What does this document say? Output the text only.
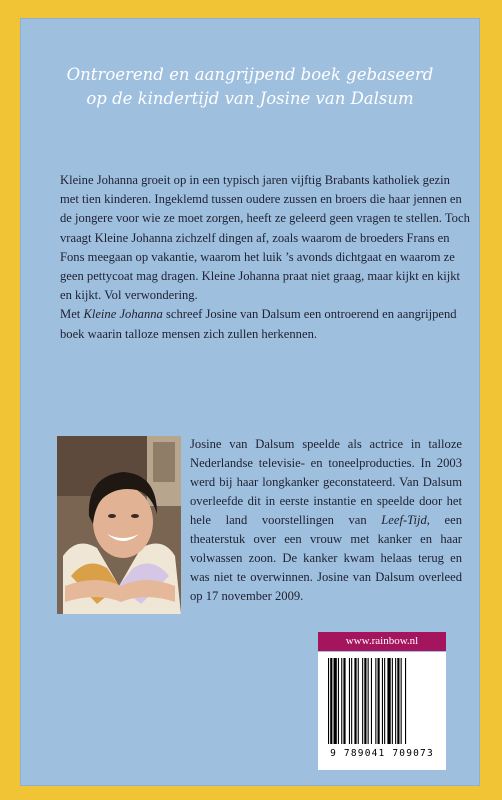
Ontroerend en aangrijpend boek gebaseerd
op de kindertijd van Josine van Dalsum

Kleine Johanna groeit op in een typisch jaren vijftig Brabants katholiek gezin met tien kinderen. Ingeklemd tussen oudere zussen en broers die haar jennen en de jongere voor wie ze moet zorgen, heeft ze geleerd geen vragen te stellen. Toch vraagt Kleine Johanna zichzelf dingen af, zoals waarom de broeders Frans en Fons meegaan op vakantie, waarom het luik ’s avonds dichtgaat en waarom ze geen pettycoat mag dragen. Kleine Johanna praat niet graag, maar kijkt en kijkt en kijkt. Vol verwondering.

Met Kleine Johanna schreef Josine van Dalsum een ontroerend en aangrijpend boek waarin talloze mensen zich zullen herkennen.

Josine van Dalsum speelde als actrice in talloze Nederlandse televisie- en toneelproducties. In 2003 werd bij haar longkanker geconstateerd. Van Dalsum overleefde dit in eerste instantie en speelde door het hele land voorstellingen van Leef-Tijd, een theaterstuk over een vrouw met kanker en haar volwassen zoon. De kanker kwam helaas terug en was niet te overwinnen. Josine van Dalsum overleed op 17 november 2009.
www.rainbow.nl
9 789041 709073
